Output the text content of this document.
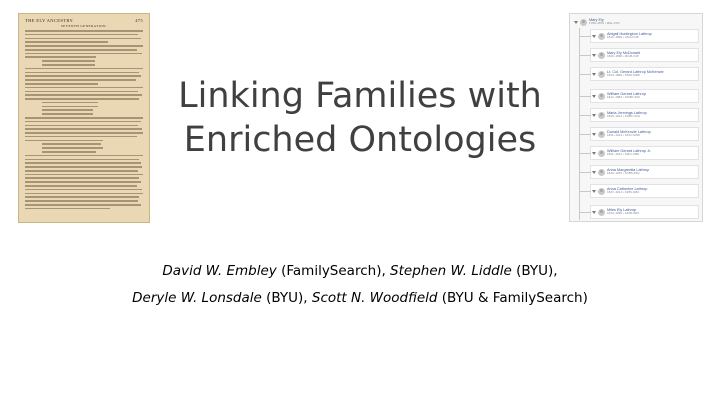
THE ELY ANCESTRY.	475
SEVENTH GENERATION.
Linking Families with
Enriched Ontologies
Mary Ely
1789–1876 • M9L-XXX
Abigail Huntington Lathrop
1810–1899 • LZHH-C3F
Mary Ely McDonald
1826–1898 • 2DLB-X4P
Lt. Col. Gerard Lathrop McKenzie
1824–1899 • K84N-MR8
William Gerard Lathrop
1812–1882 • KWZP-3S9
Maria Jennings Lathrop
1836–1914 • KHBC-9VG
Donald McKenzie Lathrop
1841–1914 • KZSY-MN8
William Gerard Lathrop Jr.
1841–1912 • K2F1-XBR
Anna Margaretta Lathrop
1844–1915 • KXBS-Z5Q
Anna Catherine Lathrop
1847–1914 • KZ8V-GB4
Miles Ely Lathrop
1813–1830 • LZ2R-9W1
David W. Embley (FamilySearch), Stephen W. Liddle (BYU),
Deryle W. Lonsdale (BYU), Scott N. Woodfield (BYU & FamilySearch)
